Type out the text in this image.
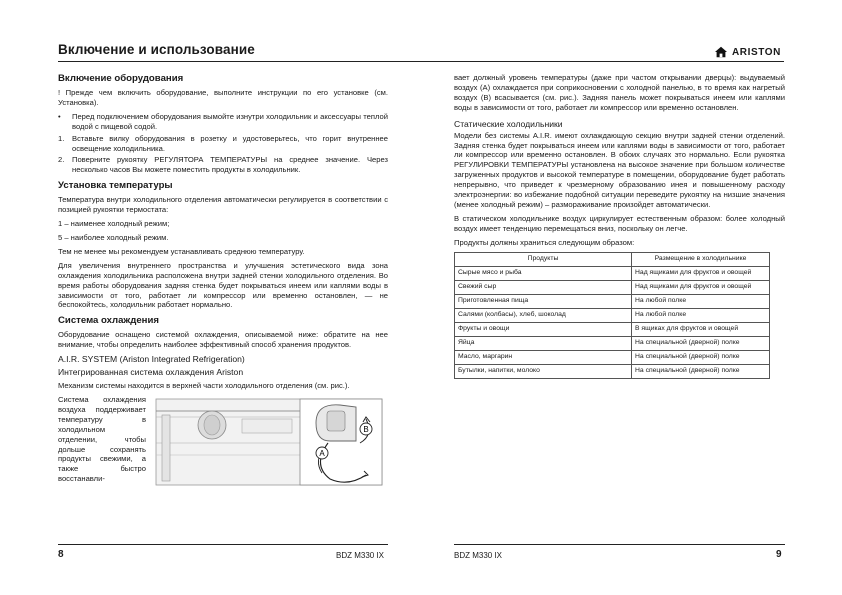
Включение и использование	ARISTON
Включение оборудования

! Прежде чем включить оборудование, выполните инструкции по его установке (см. Установка).

•	Перед подключением оборудования вымойте изнутри холодильник и аксессуары теплой водой с пищевой содой.
1.	Вставьте вилку оборудования в розетку и удостоверьтесь, что горит внутреннее освещение холодильника.
2.	Поверните рукоятку РЕГУЛЯТОРА ТЕМПЕРАТУРЫ на среднее значение. Через несколько часов Вы можете поместить продукты в холодильник.
Установка температуры

Температура внутри холодильного отделения автоматически регулируется в соответствии с позицией рукоятки термостата:

1 – наименее холодный режим;

5 – наиболее холодный режим.

Тем не менее мы рекомендуем устанавливать среднюю температуру.

Для увеличения внутреннего пространства и улучшения эстетического вида зона охлаждения холодильника расположена внутри задней стенки холодильного отделения. Во время работы оборудования задняя стенка будет покрываться инеем или каплями воды в зависимости от того, работает ли компрессор или временно остановлен, — не беспокойтесь, холодильник работает нормально.

Система охлаждения

Оборудование оснащено системой охлаждения, описываемой ниже: обратите на нее внимание, чтобы определить наиболее эффективный способ хранения продуктов.

A.I.R. SYSTEM (Ariston Integrated Refrigeration)
Интегрированная система охлаждения Ariston

Механизм системы находится в верхней части холодильного отделения (см. рис.).

Система охлаждения воздуха поддерживает температуру в холодильном отделении, чтобы дольше сохранять продукты свежими, а также быстро восстанавли-
A
B

вает должный уровень температуры (даже при частом открывании дверцы): выдуваемый воздух (A) охлаждается при соприкосновении с холодной панелью, в то время как нагретый воздух (B) всасывается (см. рис.). Задняя панель может покрываться инеем или каплями воды в зависимости от того, работает ли компрессор или временно остановлен.

Статические холодильники

Модели без системы A.I.R. имеют охлаждающую секцию внутри задней стенки отделений. Задняя стенка будет покрываться инеем или каплями воды в зависимости от того, работает ли компрессор или временно остановлен. В обоих случаях это нормально. Если рукоятка РЕГУЛИРОВКИ ТЕМПЕРАТУРЫ установлена на высокое значение при большом количестве загруженных продуктов и высокой температуре в помещении, оборудование будет работать непрерывно, что приведет к чрезмерному образованию инея и повышенному расходу электроэнергии: во избежание подобной ситуации переведите рукоятку на низшие значения (менее холодный режим) – размораживание произойдет автоматически.

В статическом холодильнике воздух циркулирует естественным образом: более холодный воздух имеет тенденцию перемещаться вниз, поскольку он легче.

Продукты должны храниться следующим образом:

Продукты	Размещение в холодильнике
Сырые мясо и рыба	Над ящиками для фруктов и овощей
Свежий сыр	Над ящиками для фруктов и овощей
Приготовленная пища	На любой полке
Салями (колбасы), хлеб, шоколад	На любой полке
Фрукты и овощи	В ящиках для фруктов и овощей
Яйца	На специальной (дверной) полке
Масло, маргарин	На специальной (дверной) полке
Бутылки, напитки, молоко	На специальной (дверной) полке
8	BDZ M330 IX	BDZ M330 IX	9
